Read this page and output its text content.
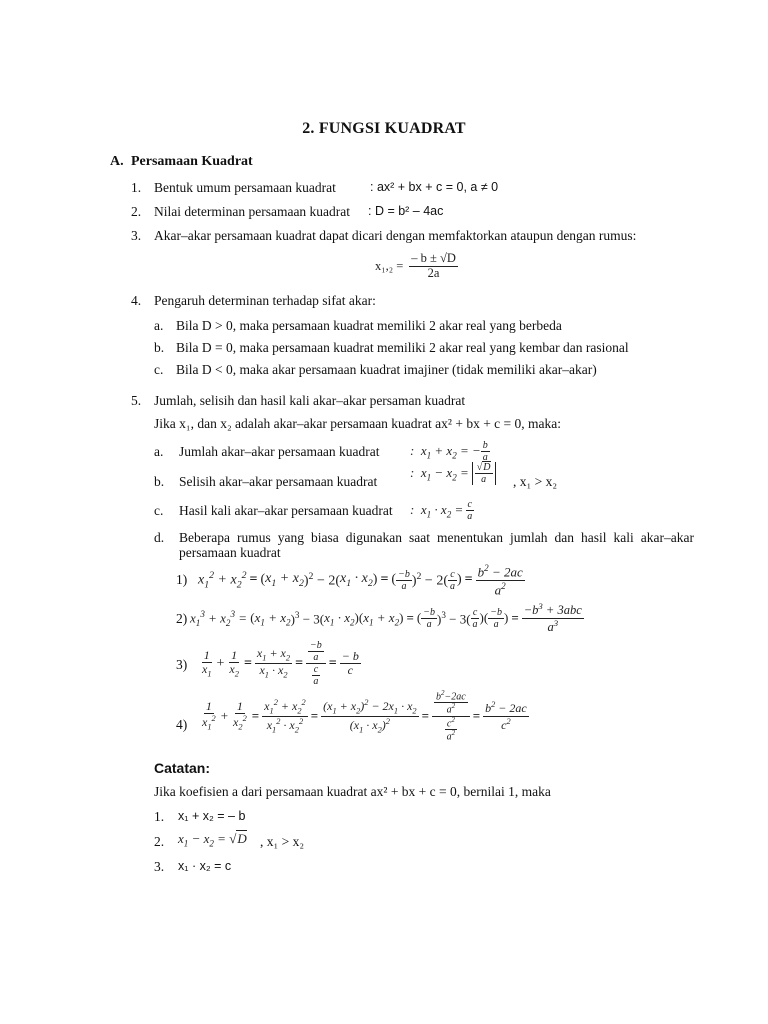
2. FUNGSI KUADRAT
A. Persamaan Kuadrat
1. Bentuk umum persamaan kuadrat	: ax² + bx + c = 0, a ≠ 0
2. Nilai determinan persamaan kuadrat : D = b² – 4ac
3. Akar–akar persamaan kuadrat dapat dicari dengan memfaktorkan ataupun dengan rumus:
$x_1,_2 = \frac{- b \pm √D}{2a}$
4. Pengaruh determinan terhadap sifat akar:
a. Bila D > 0, maka persamaan kuadrat memiliki 2 akar real yang berbeda
b. Bila D = 0, maka persamaan kuadrat memiliki 2 akar real yang kembar dan rasional
c. Bila D < 0, maka akar persamaan kuadrat imajiner (tidak memiliki akar–akar)
5. Jumlah, selisih dan hasil kali akar–akar persaman kuadrat
Jika x₁, dan x₂ adalah akar–akar persamaan kuadrat ax² + bx + c = 0, maka:
a. Jumlah akar–akar persamaan kuadrat :  $x_1 + x_2$ = − $\frac{b}{a}$
b. Selisih akar–akar persamaan kuadrat
:  $x_1 - x_2 = \frac{√D}{a}$ , x₁ > x₂
c. Hasil kali akar–akar persamaan kuadrat :  $x_1 \cdot x_2 = \frac{c}{a}$
d. Beberapa rumus yang biasa digunakan saat menentukan jumlah dan hasil kali akar–akar persamaan kuadrat
1) $x_1^2 + x_2^2$ = ( $x_1 + x_2$ )$^2$ − 2( $x_1 \cdot x_2$ ) = ( $\frac{-b}{a} )^2 - 2( \frac{c}{a}$ ) = $\frac{b^2 - 2ac}{a^2}$
2) $x_1^3 + x_2^3$ = ( $x_1 + x_2$ )$^3$ − 3( $x_1 \cdot x_2$ )( $x_1 + x_2$ ) = ( $\frac{-b}{a} )^3 - 3( \frac{c}{a}$ )( $\frac{-b}{a}$ ) = $\frac{-b^3 + 3abc}{a^3}$
$3) \frac{1}{x_1} + \frac{1}{x_2} = \frac{x_1 + x_2}{x_1 \cdot x_2} = \frac{\frac{-b}{a}}{\frac{c}{a}} = \frac{- b}{c}$
$4) \frac{1}{x_1^2} + \frac{1}{x_2^2} = \frac{x_1^2 + x_2^2}{x_1^2 \cdot x_2^2} = \frac{(x_1 + x_2)^2 - 2x_1 \cdot x_2}{(x_1 \cdot x_2)^2} = \frac{\frac{b^2-2ac}{a^2}}{\frac{c^2}{a^2}} = \frac{b^2 - 2ac}{c^2}$
Catatan:
Jika koefisien a dari persamaan kuadrat ax² + bx + c = 0, bernilai 1, maka
1. x₁ + x₂ = – b
2. $x_1 - x_2 = √D$ , x₁ > x₂
3. x₁ · x₂ = c
